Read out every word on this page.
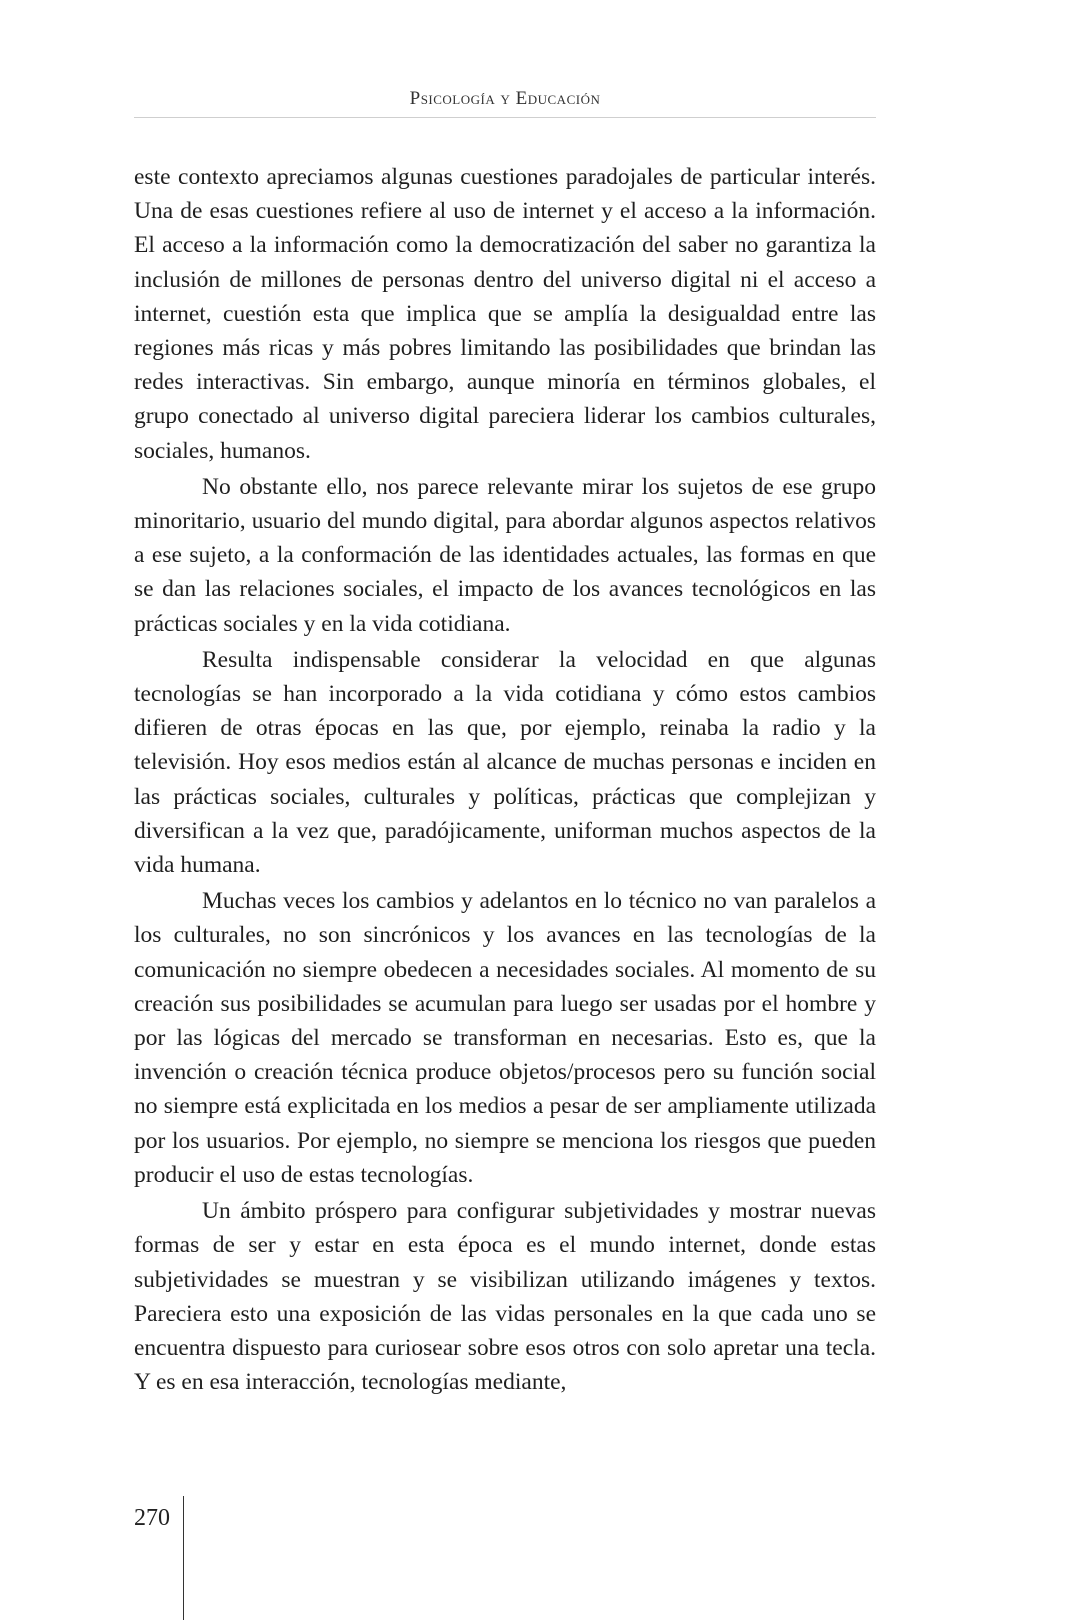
Psicología y Educación

este contexto apreciamos algunas cuestiones paradojales de particular interés. Una de esas cuestiones refiere al uso de internet y el acceso a la información. El acceso a la información como la democratización del saber no garantiza la inclusión de millones de personas dentro del universo digital ni el acceso a internet, cuestión esta que implica que se amplía la desigualdad entre las regiones más ricas y más pobres limitando las posibilidades que brindan las redes interactivas. Sin embargo, aunque minoría en términos globales, el grupo conectado al universo digital pareciera liderar los cambios culturales, sociales, humanos.

No obstante ello, nos parece relevante mirar los sujetos de ese grupo minoritario, usuario del mundo digital, para abordar algunos aspectos relativos a ese sujeto, a la conformación de las identidades actuales, las formas en que se dan las relaciones sociales, el impacto de los avances tecnológicos en las prácticas sociales y en la vida cotidiana.

Resulta indispensable considerar la velocidad en que algunas tecnologías se han incorporado a la vida cotidiana y cómo estos cambios difieren de otras épocas en las que, por ejemplo, reinaba la radio y la televisión. Hoy esos medios están al alcance de muchas personas e inciden en las prácticas sociales, culturales y políticas, prácticas que complejizan y diversifican a la vez que, paradójicamente, uniforman muchos aspectos de la vida humana.

Muchas veces los cambios y adelantos en lo técnico no van paralelos a los culturales, no son sincrónicos y los avances en las tecnologías de la comunicación no siempre obedecen a necesidades sociales. Al momento de su creación sus posibilidades se acumulan para luego ser usadas por el hombre y por las lógicas del mercado se transforman en necesarias. Esto es, que la invención o creación técnica produce objetos/procesos pero su función social no siempre está explicitada en los medios a pesar de ser ampliamente utilizada por los usuarios. Por ejemplo, no siempre se menciona los riesgos que pueden producir el uso de estas tecnologías.

Un ámbito próspero para configurar subjetividades y mostrar nuevas formas de ser y estar en esta época es el mundo internet, donde estas subjetividades se muestran y se visibilizan utilizando imágenes y textos. Pareciera esto una exposición de las vidas personales en la que cada uno se encuentra dispuesto para curiosear sobre esos otros con solo apretar una tecla. Y es en esa interacción, tecnologías mediante,

270
